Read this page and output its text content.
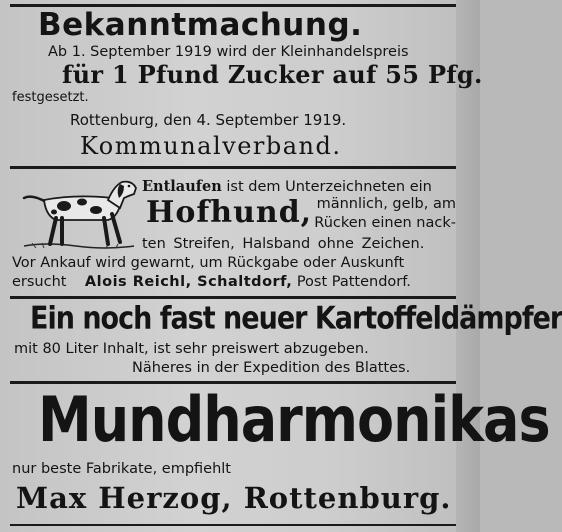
Bekanntmachung.
Ab 1. September 1919 wird der Kleinhandelspreis
für 1 Pfund Zucker auf 55 Pfg.
festgesetzt.
Rottenburg, den 4. September 1919.
Kommunalverband.
Entlaufen ist dem Unterzeichneten ein
Hofhund, männlich, gelb, am
Rücken einen nack-
ten Streifen, Halsband ohne Zeichen.
Vor Ankauf wird gewarnt, um Rückgabe oder Auskunft
ersucht Alois Reichl, Schaltdorf, Post Pattendorf.
Ein noch fast neuer Kartoffeldämpfer
mit 80 Liter Inhalt, ist sehr preiswert abzugeben.
Näheres in der Expedition des Blattes.
Mundharmonikas
nur beste Fabrikate, empfiehlt
Max Herzog, Rottenburg.
